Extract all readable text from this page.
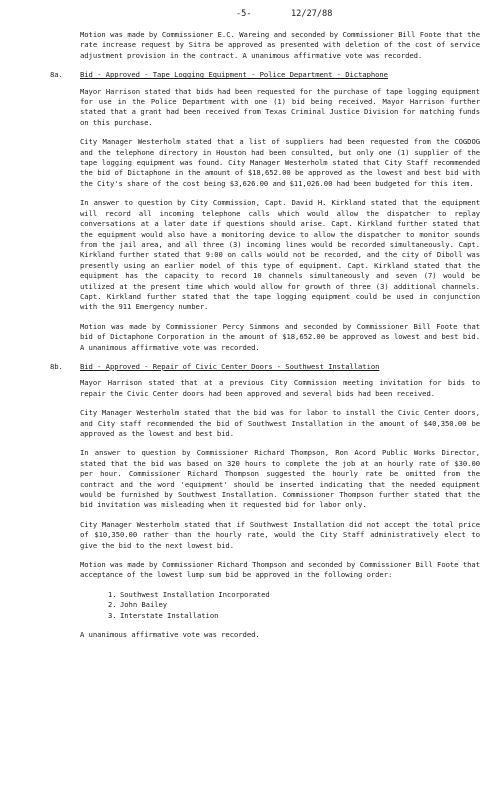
-5-	12/27/88

Motion was made by Commissioner E.C. Wareing and seconded by Commissioner Bill Foote that the rate increase request by Sitra be approved as presented with deletion of the cost of service adjustment provision in the contract. A unanimous affirmative vote was recorded.

8a. Bid - Approved - Tape Logging Equipment - Police Department - Dictaphone

Mayor Harrison stated that bids had been requested for the purchase of tape logging equipment for use in the Police Department with one (1) bid being received. Mayor Harrison further stated that a grant had been received from Texas Criminal Justice Division for matching funds on this purchase.

City Manager Westerholm stated that a list of suppliers had been requested from the COGDOG and the telephone directory in Houston had been consulted, but only one (1) supplier of the tape logging equipment was found. City Manager Westerholm stated that City Staff recommended the bid of Dictaphone in the amount of $18,652.00 be approved as the lowest and best bid with the City's share of the cost being $3,626.00 and $11,026.00 had been budgeted for this item.

In answer to question by City Commission, Capt. David H. Kirkland stated that the equipment will record all incoming telephone calls which would allow the dispatcher to replay conversations at a later date if questions should arise. Capt. Kirkland further stated that the equipment would also have a monitoring device to allow the dispatcher to monitor sounds from the jail area, and all three (3) incoming lines would be recorded simultaneously. Capt. Kirkland further stated that 9:00 on calls would not be recorded, and the city of Diboll was presently using an earlier model of this type of equipment. Capt. Kirkland stated that the equipment has the capacity to record 10 channels simultaneously and seven (7) would be utilized at the present time which would allow for growth of three (3) additional channels. Capt. Kirkland further stated that the tape logging equipment could be used in conjunction with the 911 Emergency number.

Motion was made by Commissioner Percy Simmons and seconded by Commissioner Bill Foote that bid of Dictaphone Corporation in the amount of $18,652.00 be approved as lowest and best bid. A unanimous affirmative vote was recorded.

8b. Bid - Approved - Repair of Civic Center Doors - Southwest Installation

Mayor Harrison stated that at a previous City Commission meeting invitation for bids to repair the Civic Center doors had been approved and several bids had been received.

City Manager Westerholm stated that the bid was for labor to install the Civic Center doors, and City staff recommended the bid of Southwest Installation in the amount of $40,350.00 be approved as the lowest and best bid.

In answer to question by Commissioner Richard Thompson, Ron Acord Public Works Director, stated that the bid was based on 320 hours to complete the job at an hourly rate of $30.00 per hour. Commissioner Richard Thompson suggested the hourly rate be omitted from the contract and the word 'equipment' should be inserted indicating that the needed equipment would be furnished by Southwest Installation. Commissioner Thompson further stated that the bid invitation was misleading when it requested bid for labor only.

City Manager Westerholm stated that if Southwest Installation did not accept the total price of $10,350.00 rather than the hourly rate, would the City Staff administratively elect to give the bid to the next lowest bid.

Motion was made by Commissioner Richard Thompson and seconded by Commissioner Bill Foote that acceptance of the lowest lump sum bid be approved in the following order:

1. Southwest Installation Incorporated
2. John Bailey
3. Interstate Installation

A unanimous affirmative vote was recorded.
